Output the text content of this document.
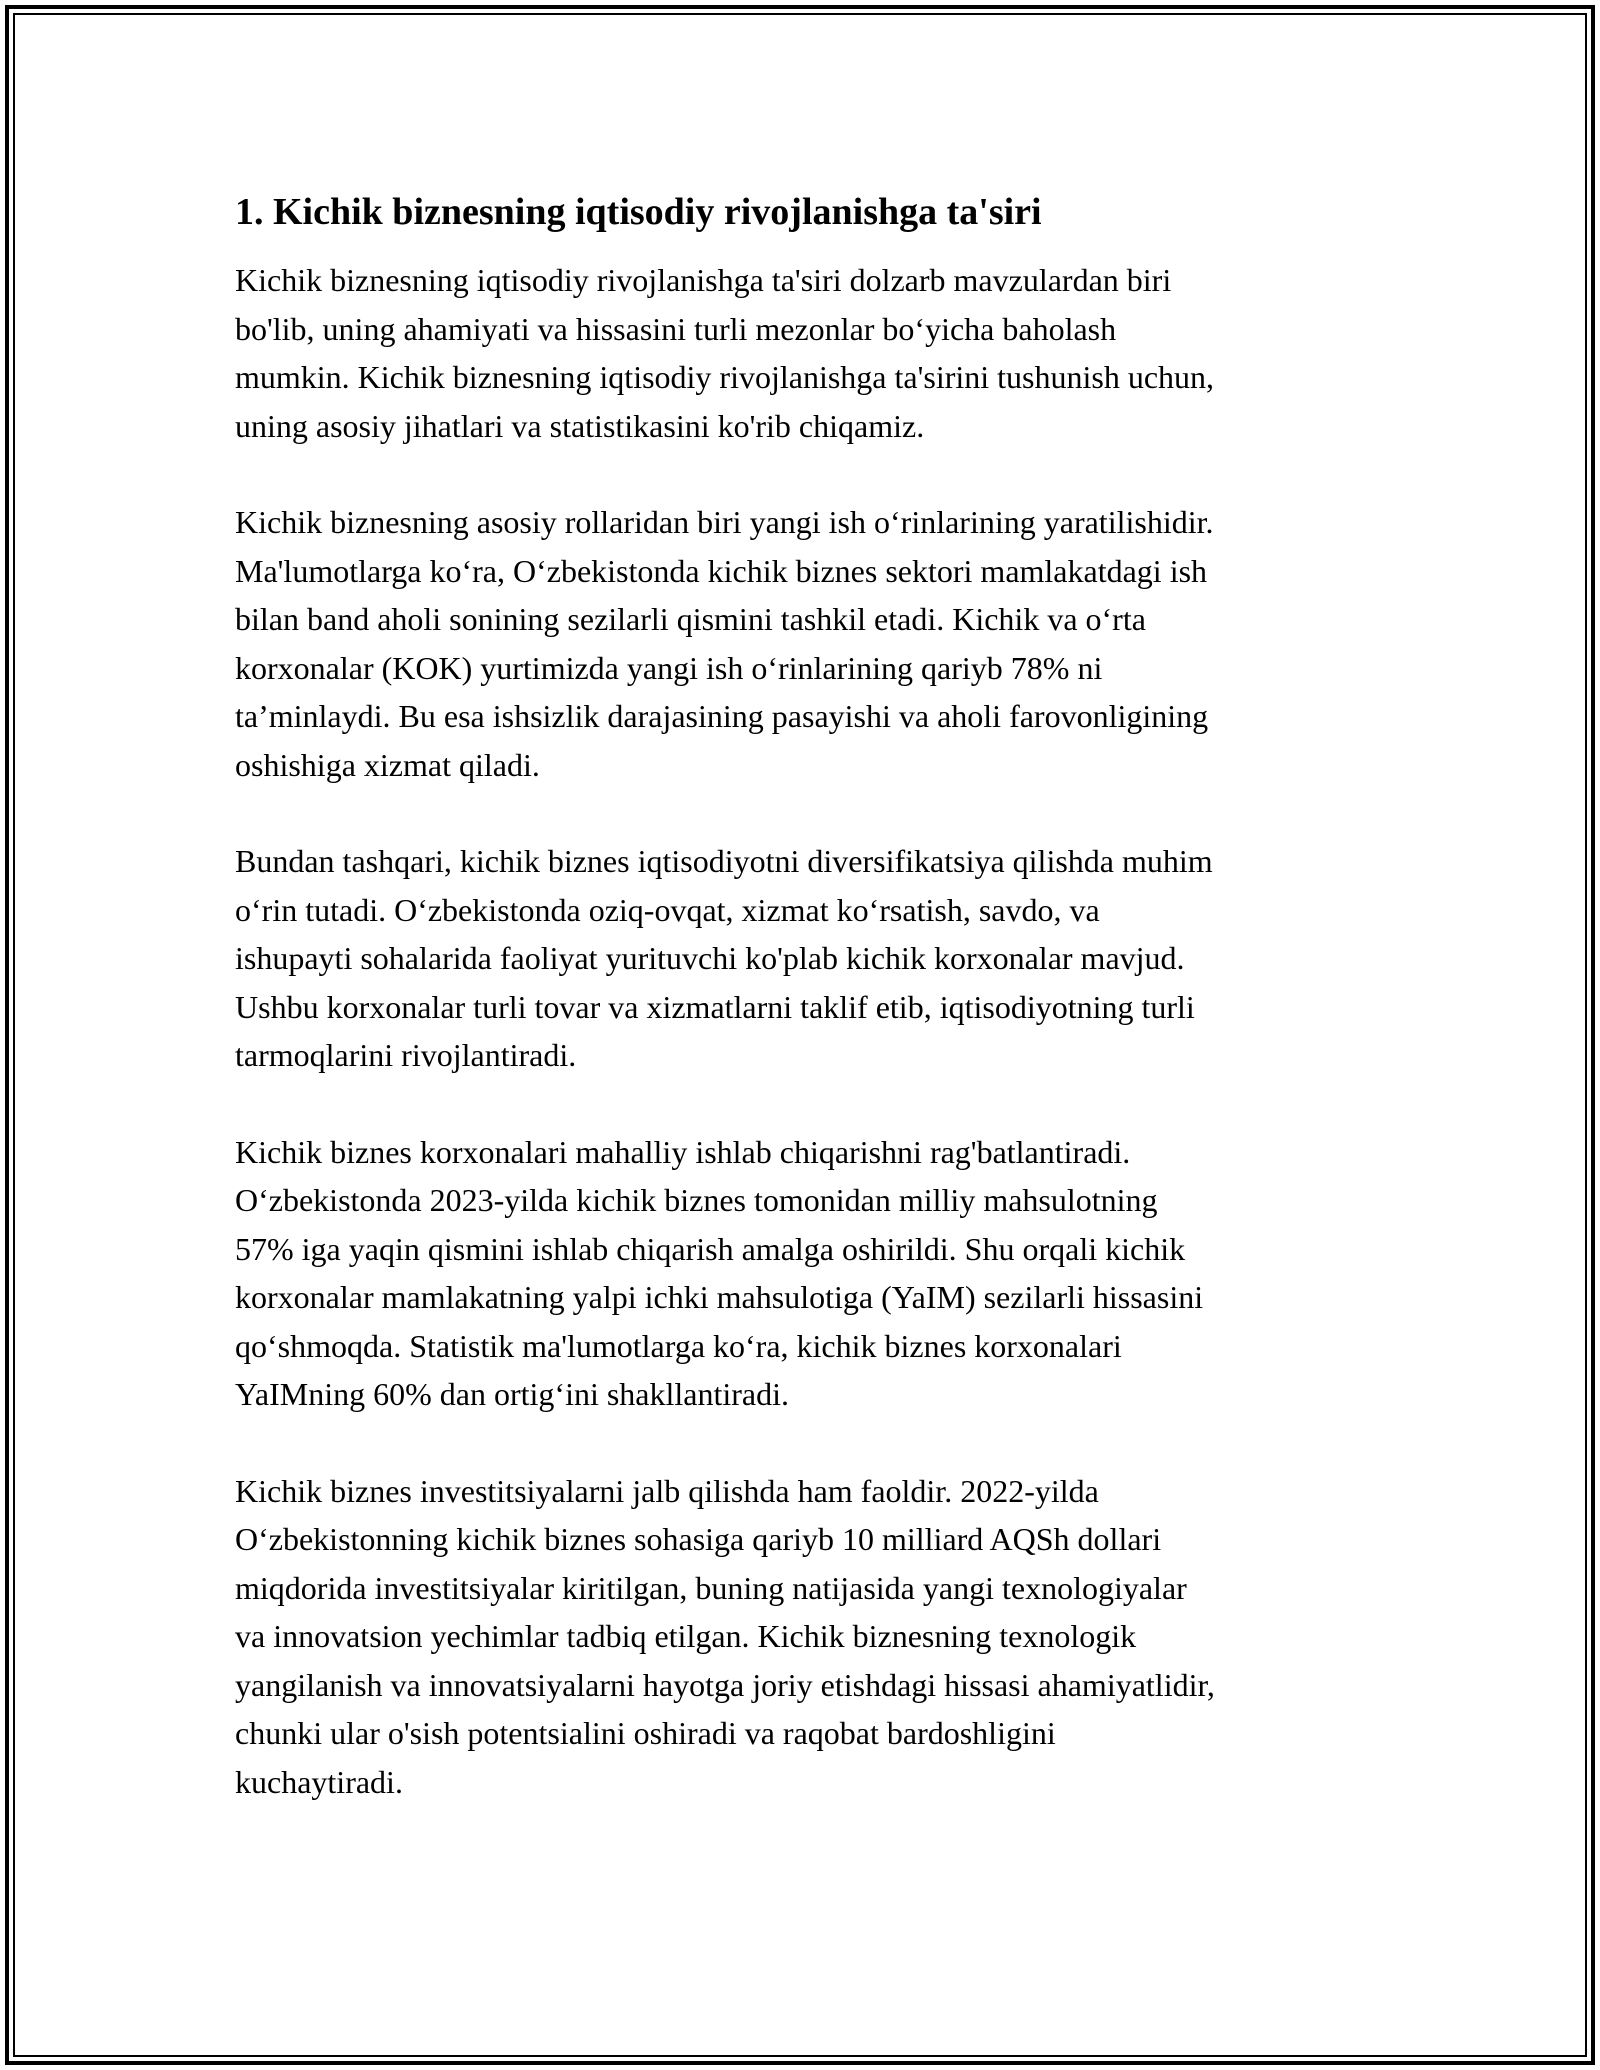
1. Kichik biznesning iqtisodiy rivojlanishga ta'siri

Kichik biznesning iqtisodiy rivojlanishga ta'siri dolzarb mavzulardan biri
bo'lib, uning ahamiyati va hissasini turli mezonlar bo‘yicha baholash
mumkin. Kichik biznesning iqtisodiy rivojlanishga ta'sirini tushunish uchun,
uning asosiy jihatlari va statistikasini ko'rib chiqamiz.

Kichik biznesning asosiy rollaridan biri yangi ish o‘rinlarining yaratilishidir.
Ma'lumotlarga ko‘ra, O‘zbekistonda kichik biznes sektori mamlakatdagi ish
bilan band aholi sonining sezilarli qismini tashkil etadi. Kichik va o‘rta
korxonalar (KOK) yurtimizda yangi ish o‘rinlarining qariyb 78% ni
ta’minlaydi. Bu esa ishsizlik darajasining pasayishi va aholi farovonligining
oshishiga xizmat qiladi.

Bundan tashqari, kichik biznes iqtisodiyotni diversifikatsiya qilishda muhim
o‘rin tutadi. O‘zbekistonda oziq-ovqat, xizmat ko‘rsatish, savdo, va
ishupayti sohalarida faoliyat yurituvchi ko'plab kichik korxonalar mavjud.
Ushbu korxonalar turli tovar va xizmatlarni taklif etib, iqtisodiyotning turli
tarmoqlarini rivojlantiradi.

Kichik biznes korxonalari mahalliy ishlab chiqarishni rag'batlantiradi.
O‘zbekistonda 2023-yilda kichik biznes tomonidan milliy mahsulotning
57% iga yaqin qismini ishlab chiqarish amalga oshirildi. Shu orqali kichik
korxonalar mamlakatning yalpi ichki mahsulotiga (YaIM) sezilarli hissasini
qo‘shmoqda. Statistik ma'lumotlarga ko‘ra, kichik biznes korxonalari
YaIMning 60% dan ortig‘ini shakllantiradi.

Kichik biznes investitsiyalarni jalb qilishda ham faoldir. 2022-yilda
O‘zbekistonning kichik biznes sohasiga qariyb 10 milliard AQSh dollari
miqdorida investitsiyalar kiritilgan, buning natijasida yangi texnologiyalar
va innovatsion yechimlar tadbiq etilgan. Kichik biznesning texnologik
yangilanish va innovatsiyalarni hayotga joriy etishdagi hissasi ahamiyatlidir,
chunki ular o'sish potentsialini oshiradi va raqobat bardoshligini
kuchaytiradi.
